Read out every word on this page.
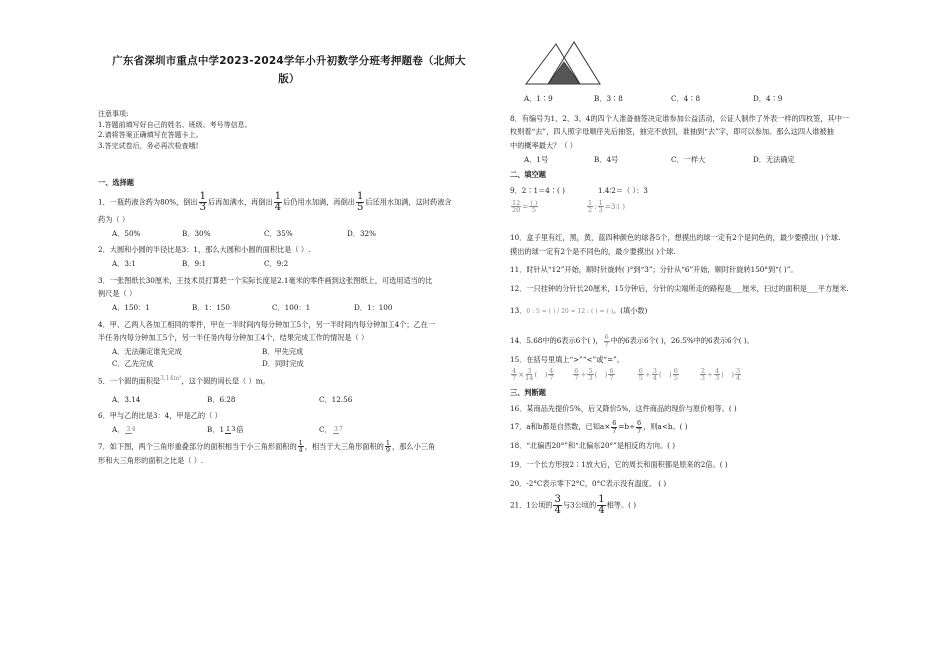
广东省深圳市重点中学2023-2024学年小升初数学分班考押题卷（北师大
版）
注意事项:
1.答题前填写好自己的姓名、班级、考号等信息。
2.请将答案正确填写在答题卡上。
3.答完试卷后，务必再次检查哦!
一、选择题

1．一瓶药液含药为80%，倒出 $\frac{1}{3}$ 后再加满水，再倒出 $\frac{1}{4}$ 后仍用水加满，再倒出 $\frac{1}{5}$ 后还用水加满，这时药液含

药为（ ）

A．50%	B．30%	C．35%	D．32%

2．大圆和小圆的半径比是3：1，那么大圆和小圆的面积比是（ ）.

A．3:1	B．9:1	C．9:2

3．一张图纸长30厘米，王技术员打算把一个实际长度是2.1毫米的零件画到这张图纸上，可选用适当的比

例尺是（ ）

A．150：1	B．1：150	C．100：1	D．1：100

4．甲、乙两人各加工相同的零件，甲在一半时间内每分钟加工5个，另一半时间内每分钟加工4个；乙在一

半任务内每分钟加工5个，另一半任务内每分钟加工4个，结果完成工作的情况是（ ）

A．无法确定谁先完成	B．甲先完成
C．乙先完成	D．同时完成

5．一个圆的面积是$^{3.14m^2}$，这个圆的周长是（ ）m。

A．3.14	B．6.28	C．12.56

6．甲与乙的比是3：4，甲是乙的（ ）

A． 34	B．1 13倍	C． 37

7．如下图，两个三角形重叠部分的面积相当于小三角形面积的 $\frac{1}{4}$ ，相当于大三角形面积的 $\frac{1}{9}$ ，那么小三角

形和大三角形的面积之比是（ ）.

A．1∶9	B．3∶8	C．4∶8	D．4∶9

8．有编号为1、2、3、4的四个人准备抽签决定谁参加公益活动，公证人制作了外表一样的四枚签，其中一

枚则着“去”，四人照字母顺序先后抽签，抽完不放回，谁抽到“去”字，即可以参加。那么这四人谁被抽

中的概率最大？（ ）

A．1号	B．4号	C．一样大	D．无法确定
二、填空题

9．2∶1＝4∶( )	1.4∶2＝（ ）：3

$\frac{12}{20} = \frac{( )}{5}$
	$\frac{1}{2}$ : $\frac{1}{3}$ =3∶( )

10．盒子里有红，黑，黄，蓝四种颜色的球各5个，想摸出的球一定有2个是同色的，最少要摸出( )个球.

摸出的球一定有2个是不同色的，最少要摸出( )个球.

11．时针从“12”开始，顺时针旋转( )°到“3”；分针从“6”开始，顺时针旋转150°到“( )”。

12．一只挂钟的分针长20厘米，15分钟后，分针的尖端所走的路程是___厘米，扫过的面积是___平方厘米.

13．6 : 5 = ( ) / 20 = 12 : ( ) = ( )。(填小数)

14．5.68中的6表示6个( )， $\frac{6}{7}$ 中的6表示6个( )，26.5%中的6表示6个( )。

15．在括号里填上“>”“<”或“=”。

$\frac{4}{7} \times \frac{3}{14}$ (　) $\frac{4}{7}$
	$\frac{6}{7} \div \frac{5}{3}$ (　) $\frac{6}{7}$
	$\frac{6}{5} \div \frac{3}{4}$ (　) $\frac{6}{5}$
	$\frac{2}{3} \div \frac{4}{3}$ (　) $\frac{3}{4}$

三、判断题

16．某商品先提价5%，后又降价5%，这件商品的现价与原价相等。( )

17．a和b都是自然数，已知$a\times \frac{6}{7} =b\div \frac{6}{7}$ ，则a<b。( )

18．“北偏西20°”和“北偏东20°”是相反的方向。( )

19．一个长方形按2∶1放大后，它的周长和面积都是原来的2倍。( )

20．-2°C表示零下2°C，0°C表示没有温度。 ( )

21．1公顷的 $\frac{3}{4}$ 与3公顷的 $\frac{1}{4}$ 相等。( )
